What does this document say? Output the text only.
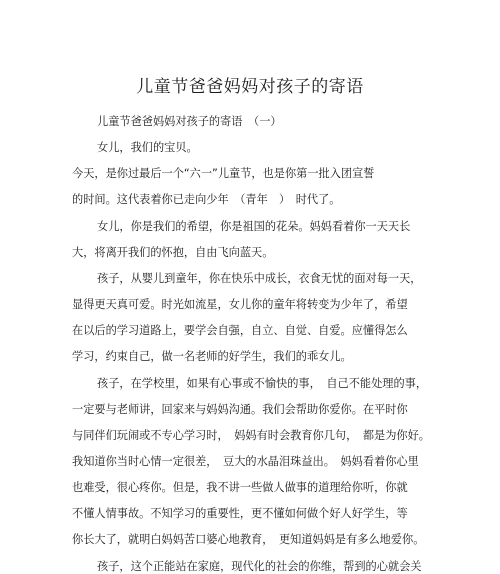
儿童节爸爸妈妈对孩子的寄语

儿童节爸爸妈妈对孩子的寄语　（一）

女儿，我们的宝贝。

今天，是你过最后一个“六一”儿童节，也是你第一批入团宣誓

的时间。这代表着你已走向少年　（青年　）　时代了。

女儿，你是我们的希望，你是祖国的花朵。妈妈看着你一天天长

大，将离开我们的怀抱，自由飞向蓝天。

孩子，从婴儿到童年，你在快乐中成长，衣食无忧的面对每一天，

显得更天真可爱。时光如流星，女儿你的童年将转变为少年了，希望

在以后的学习道路上，要学会自强，自立、自觉、自爱。应懂得怎么

学习，约束自己，做一名老师的好学生，我们的乖女儿。

孩子，在学校里，如果有心事或不愉快的事，　自己不能处理的事，

一定要与老师讲，回家来与妈妈沟通。我们会帮助你爱你。在平时你

与同伴们玩闹或不专心学习时，　妈妈有时会教育你几句，　都是为你好。

我知道你当时心情一定很差，　豆大的水晶泪珠益出。　妈妈看着你心里

也难受，很心疼你。但是，我不讲一些做人做事的道理给你听，你就

不懂人情事故。不知学习的重要性，更不懂如何做个好人好学生，等

你长大了，就明白妈妈苦口婆心地教育，　更知道妈妈是有多么地爱你。

孩子，这个正能站在家庭，现代化的社会的你维，帮到的心就会关
